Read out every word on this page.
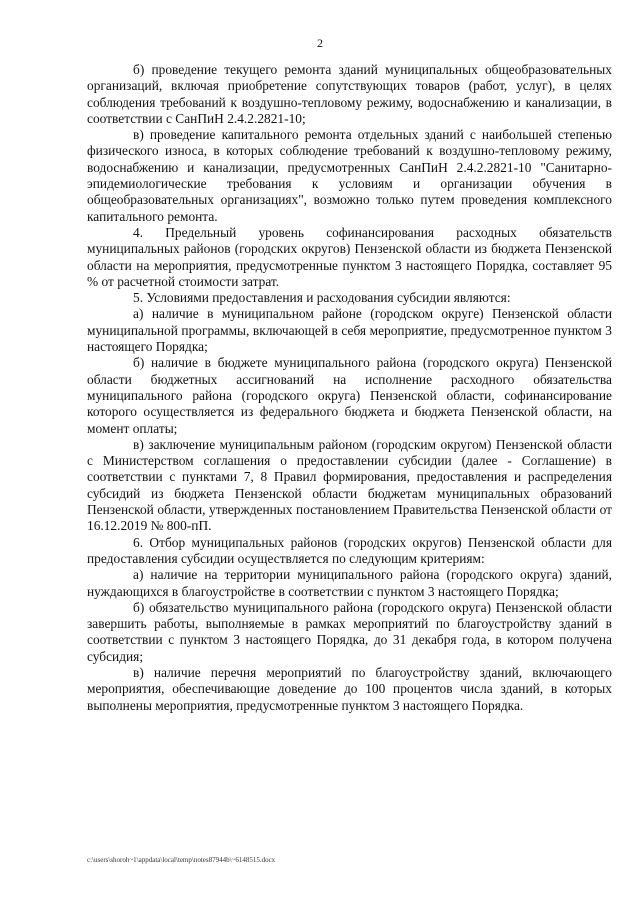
2

б) проведение текущего ремонта зданий муниципальных общеобразовательных организаций, включая приобретение сопутствующих товаров (работ, услуг), в целях соблюдения требований к воздушно-тепловому режиму, водоснабжению и канализации, в соответствии с СанПиН 2.4.2.2821-10;

в) проведение капитального ремонта отдельных зданий с наибольшей степенью физического износа, в которых соблюдение требований к воздушно-тепловому режиму, водоснабжению и канализации, предусмотренных СанПиН 2.4.2.2821-10 "Санитарно-эпидемиологические требования к условиям и организации обучения в общеобразовательных организациях", возможно только путем проведения комплексного капитального ремонта.

4. Предельный уровень софинансирования расходных обязательств муниципальных районов (городских округов) Пензенской области из бюджета Пензенской области на мероприятия, предусмотренные пунктом 3 настоящего Порядка, составляет 95 % от расчетной стоимости затрат.

5. Условиями предоставления и расходования субсидии являются:

а) наличие в муниципальном районе (городском округе) Пензенской области муниципальной программы, включающей в себя мероприятие, предусмотренное пунктом 3 настоящего Порядка;

б) наличие в бюджете муниципального района (городского округа) Пензенской области бюджетных ассигнований на исполнение расходного обязательства муниципального района (городского округа) Пензенской области, софинансирование которого осуществляется из федерального бюджета и бюджета Пензенской области, на момент оплаты;

в) заключение муниципальным районом (городским округом) Пензенской области с Министерством соглашения о предоставлении субсидии (далее - Соглашение) в соответствии с пунктами 7, 8 Правил формирования, предоставления и распределения субсидий из бюджета Пензенской области бюджетам муниципальных образований Пензенской области, утвержденных постановлением Правительства Пензенской области от 16.12.2019 № 800-пП.

6. Отбор муниципальных районов (городских округов) Пензенской области для предоставления субсидии осуществляется по следующим критериям:

а) наличие на территории муниципального района (городского округа) зданий, нуждающихся в благоустройстве в соответствии с пунктом 3 настоящего Порядка;

б) обязательство муниципального района (городского округа) Пензенской области завершить работы, выполняемые в рамках мероприятий по благоустройству зданий в соответствии с пунктом 3 настоящего Порядка, до 31 декабря года, в котором получена субсидия;

в) наличие перечня мероприятий по благоустройству зданий, включающего мероприятия, обеспечивающие доведение до 100 процентов числа зданий, в которых выполнены мероприятия, предусмотренные пунктом 3 настоящего Порядка.

c:\users\shoroh~1\appdata\local\temp\notes87944b\~6148515.docx
